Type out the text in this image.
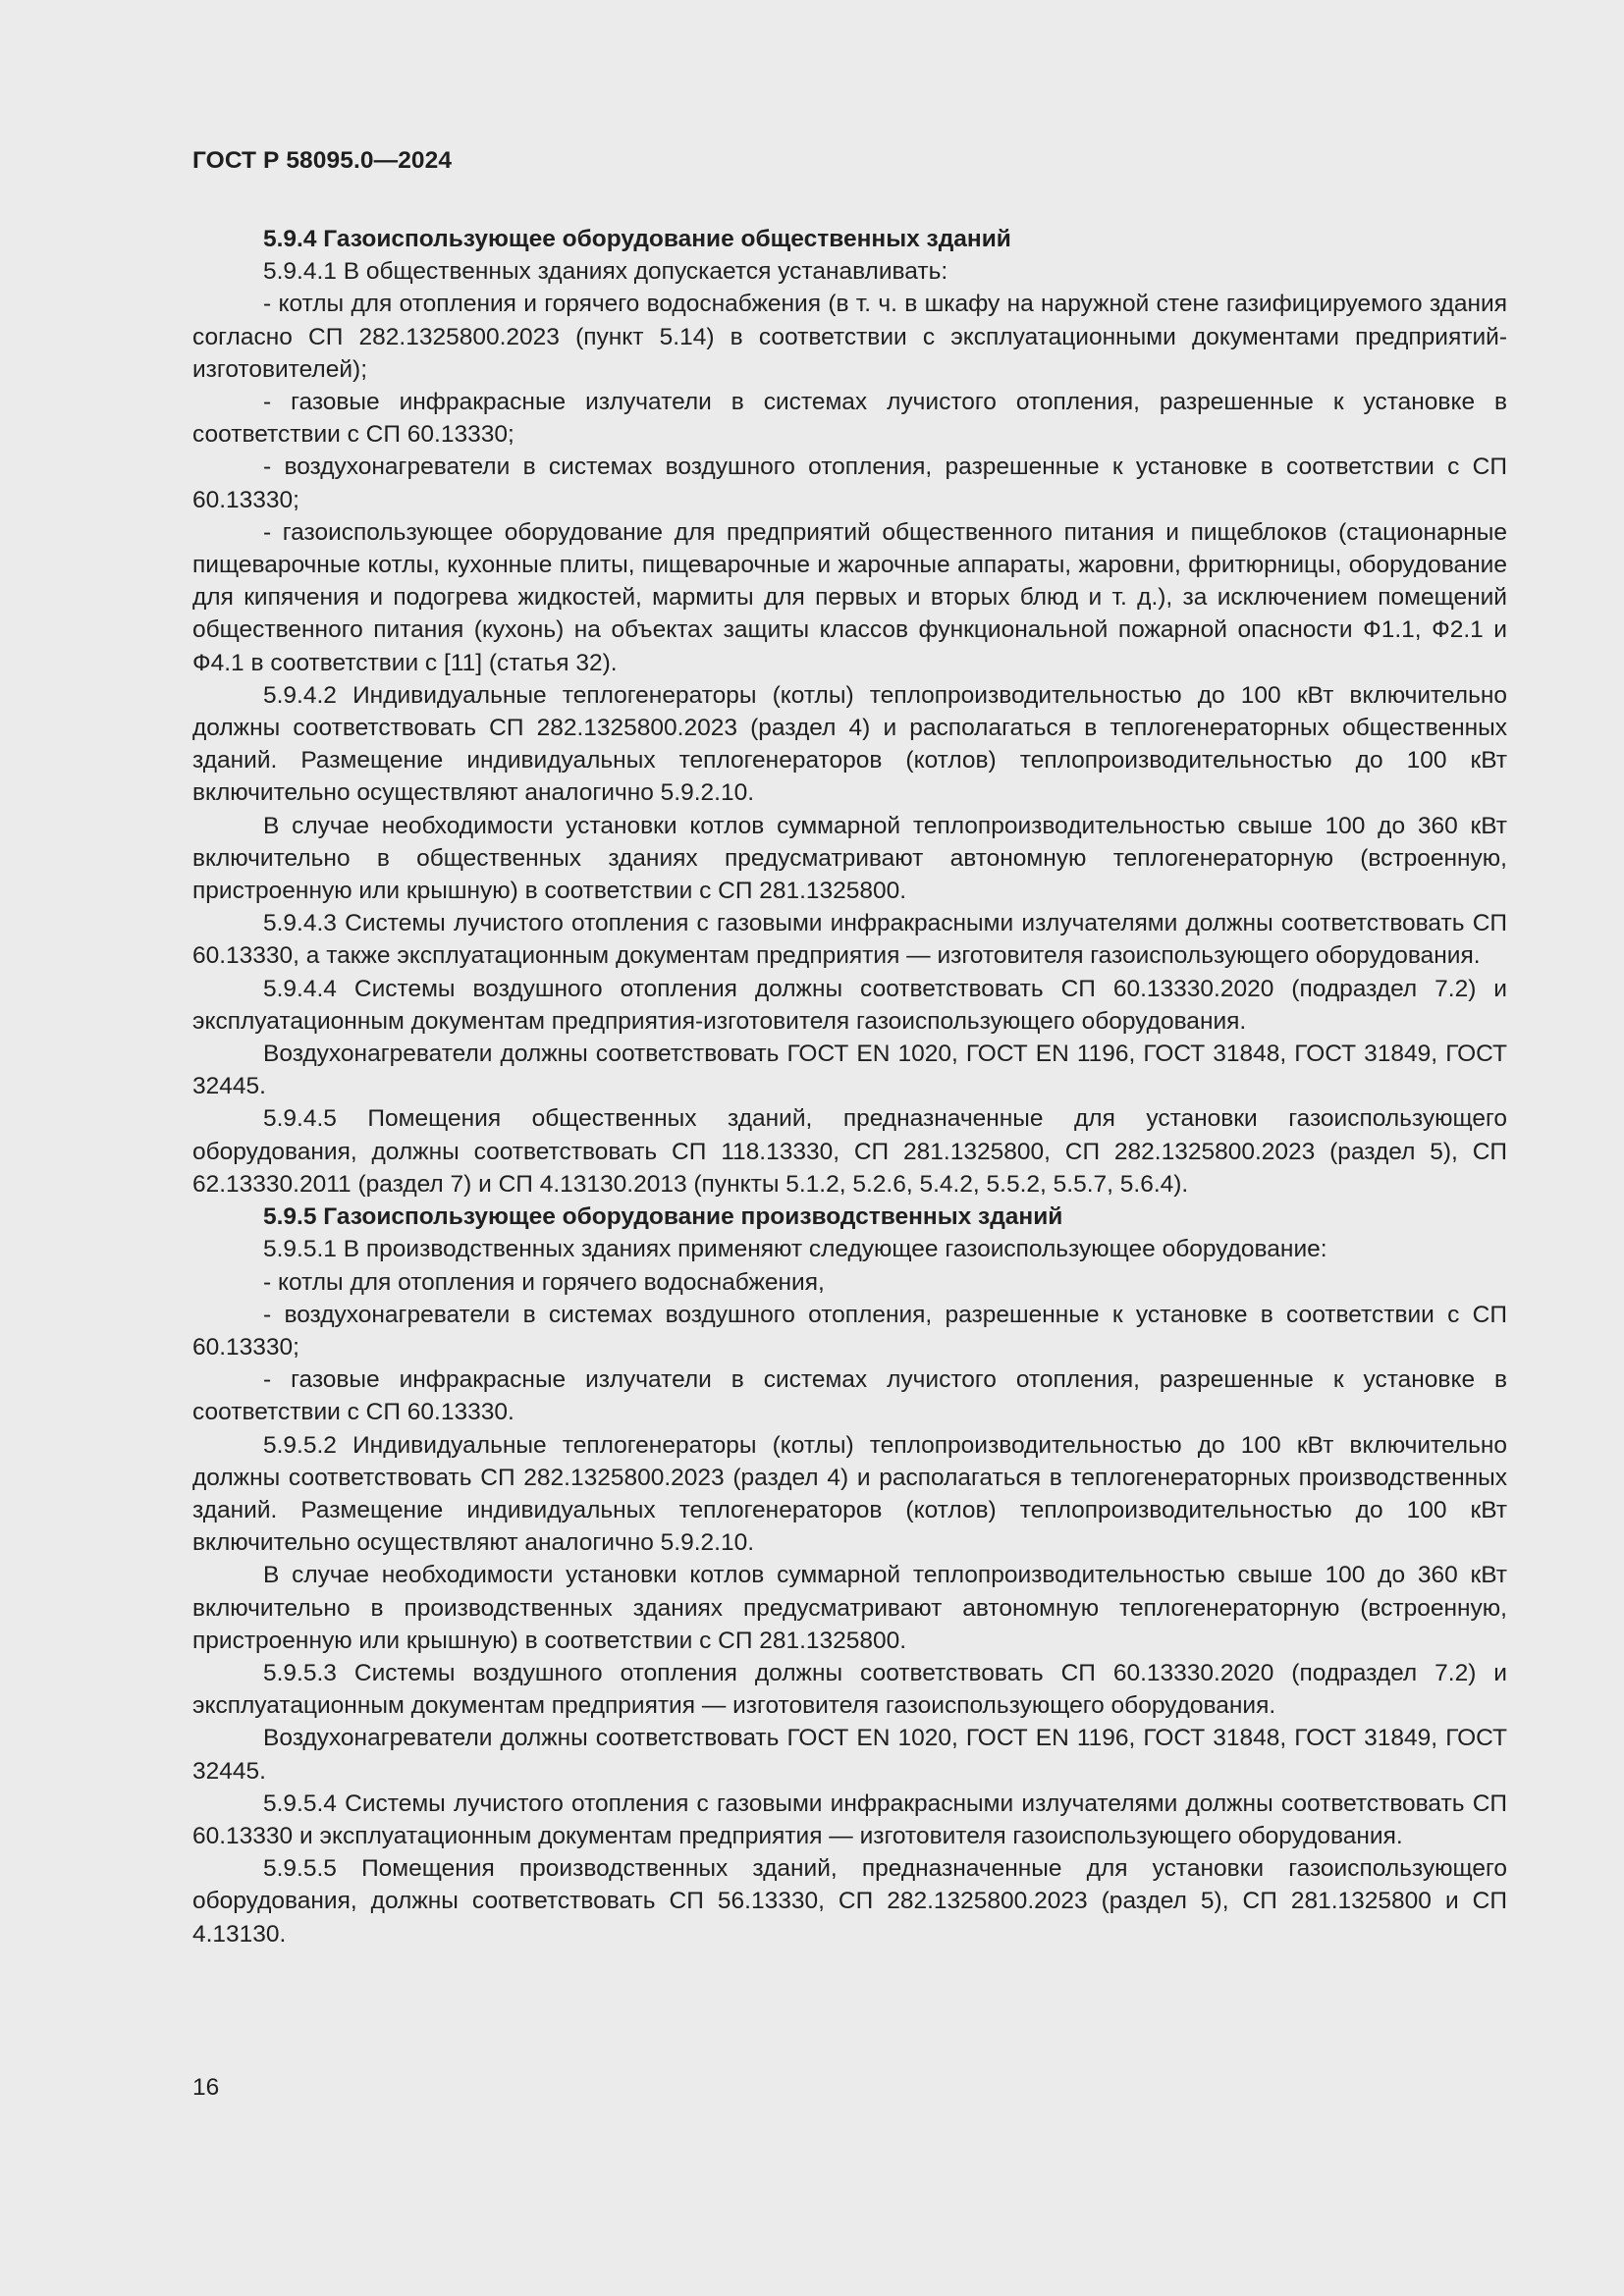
ГОСТ Р 58095.0—2024

5.9.4 Газоиспользующее оборудование общественных зданий

5.9.4.1 В общественных зданиях допускается устанавливать:

- котлы для отопления и горячего водоснабжения (в т. ч. в шкафу на наружной стене газифицируемого здания согласно СП 282.1325800.2023 (пункт 5.14) в соответствии с эксплуатационными документами предприятий-изготовителей);

- газовые инфракрасные излучатели в системах лучистого отопления, разрешенные к установке в соответствии с СП 60.13330;

- воздухонагреватели в системах воздушного отопления, разрешенные к установке в соответствии с СП 60.13330;

- газоиспользующее оборудование для предприятий общественного питания и пищеблоков (стационарные пищеварочные котлы, кухонные плиты, пищеварочные и жарочные аппараты, жаровни, фритюрницы, оборудование для кипячения и подогрева жидкостей, мармиты для первых и вторых блюд и т. д.), за исключением помещений общественного питания (кухонь) на объектах защиты классов функциональной пожарной опасности Ф1.1, Ф2.1 и Ф4.1 в соответствии с [11] (статья 32).

5.9.4.2 Индивидуальные теплогенераторы (котлы) теплопроизводительностью до 100 кВт включительно должны соответствовать СП 282.1325800.2023 (раздел 4) и располагаться в теплогенераторных общественных зданий. Размещение индивидуальных теплогенераторов (котлов) теплопроизводительностью до 100 кВт включительно осуществляют аналогично 5.9.2.10.

В случае необходимости установки котлов суммарной теплопроизводительностью свыше 100 до 360 кВт включительно в общественных зданиях предусматривают автономную теплогенераторную (встроенную, пристроенную или крышную) в соответствии с СП 281.1325800.

5.9.4.3 Системы лучистого отопления с газовыми инфракрасными излучателями должны соответствовать СП 60.13330, а также эксплуатационным документам предприятия — изготовителя газоиспользующего оборудования.

5.9.4.4 Системы воздушного отопления должны соответствовать СП 60.13330.2020 (подраздел 7.2) и эксплуатационным документам предприятия-изготовителя газоиспользующего оборудования.

Воздухонагреватели должны соответствовать ГОСТ EN 1020, ГОСТ EN 1196, ГОСТ 31848, ГОСТ 31849, ГОСТ 32445.

5.9.4.5 Помещения общественных зданий, предназначенные для установки газоиспользующего оборудования, должны соответствовать СП 118.13330, СП 281.1325800, СП 282.1325800.2023 (раздел 5), СП 62.13330.2011 (раздел 7) и СП 4.13130.2013 (пункты 5.1.2, 5.2.6, 5.4.2, 5.5.2, 5.5.7, 5.6.4).

5.9.5 Газоиспользующее оборудование производственных зданий

5.9.5.1 В производственных зданиях применяют следующее газоиспользующее оборудование:

- котлы для отопления и горячего водоснабжения,

- воздухонагреватели в системах воздушного отопления, разрешенные к установке в соответствии с СП 60.13330;

- газовые инфракрасные излучатели в системах лучистого отопления, разрешенные к установке в соответствии с СП 60.13330.

5.9.5.2 Индивидуальные теплогенераторы (котлы) теплопроизводительностью до 100 кВт включительно должны соответствовать СП 282.1325800.2023 (раздел 4) и располагаться в теплогенераторных производственных зданий. Размещение индивидуальных теплогенераторов (котлов) теплопроизводительностью до 100 кВт включительно осуществляют аналогично 5.9.2.10.

В случае необходимости установки котлов суммарной теплопроизводительностью свыше 100 до 360 кВт включительно в производственных зданиях предусматривают автономную теплогенераторную (встроенную, пристроенную или крышную) в соответствии с СП 281.1325800.

5.9.5.3 Системы воздушного отопления должны соответствовать СП 60.13330.2020 (подраздел 7.2) и эксплуатационным документам предприятия — изготовителя газоиспользующего оборудования.

Воздухонагреватели должны соответствовать ГОСТ EN 1020, ГОСТ EN 1196, ГОСТ 31848, ГОСТ 31849, ГОСТ 32445.

5.9.5.4 Системы лучистого отопления с газовыми инфракрасными излучателями должны соответствовать СП 60.13330 и эксплуатационным документам предприятия — изготовителя газоиспользующего оборудования.

5.9.5.5 Помещения производственных зданий, предназначенные для установки газоиспользующего оборудования, должны соответствовать СП 56.13330, СП 282.1325800.2023 (раздел 5), СП 281.1325800 и СП 4.13130.

16
